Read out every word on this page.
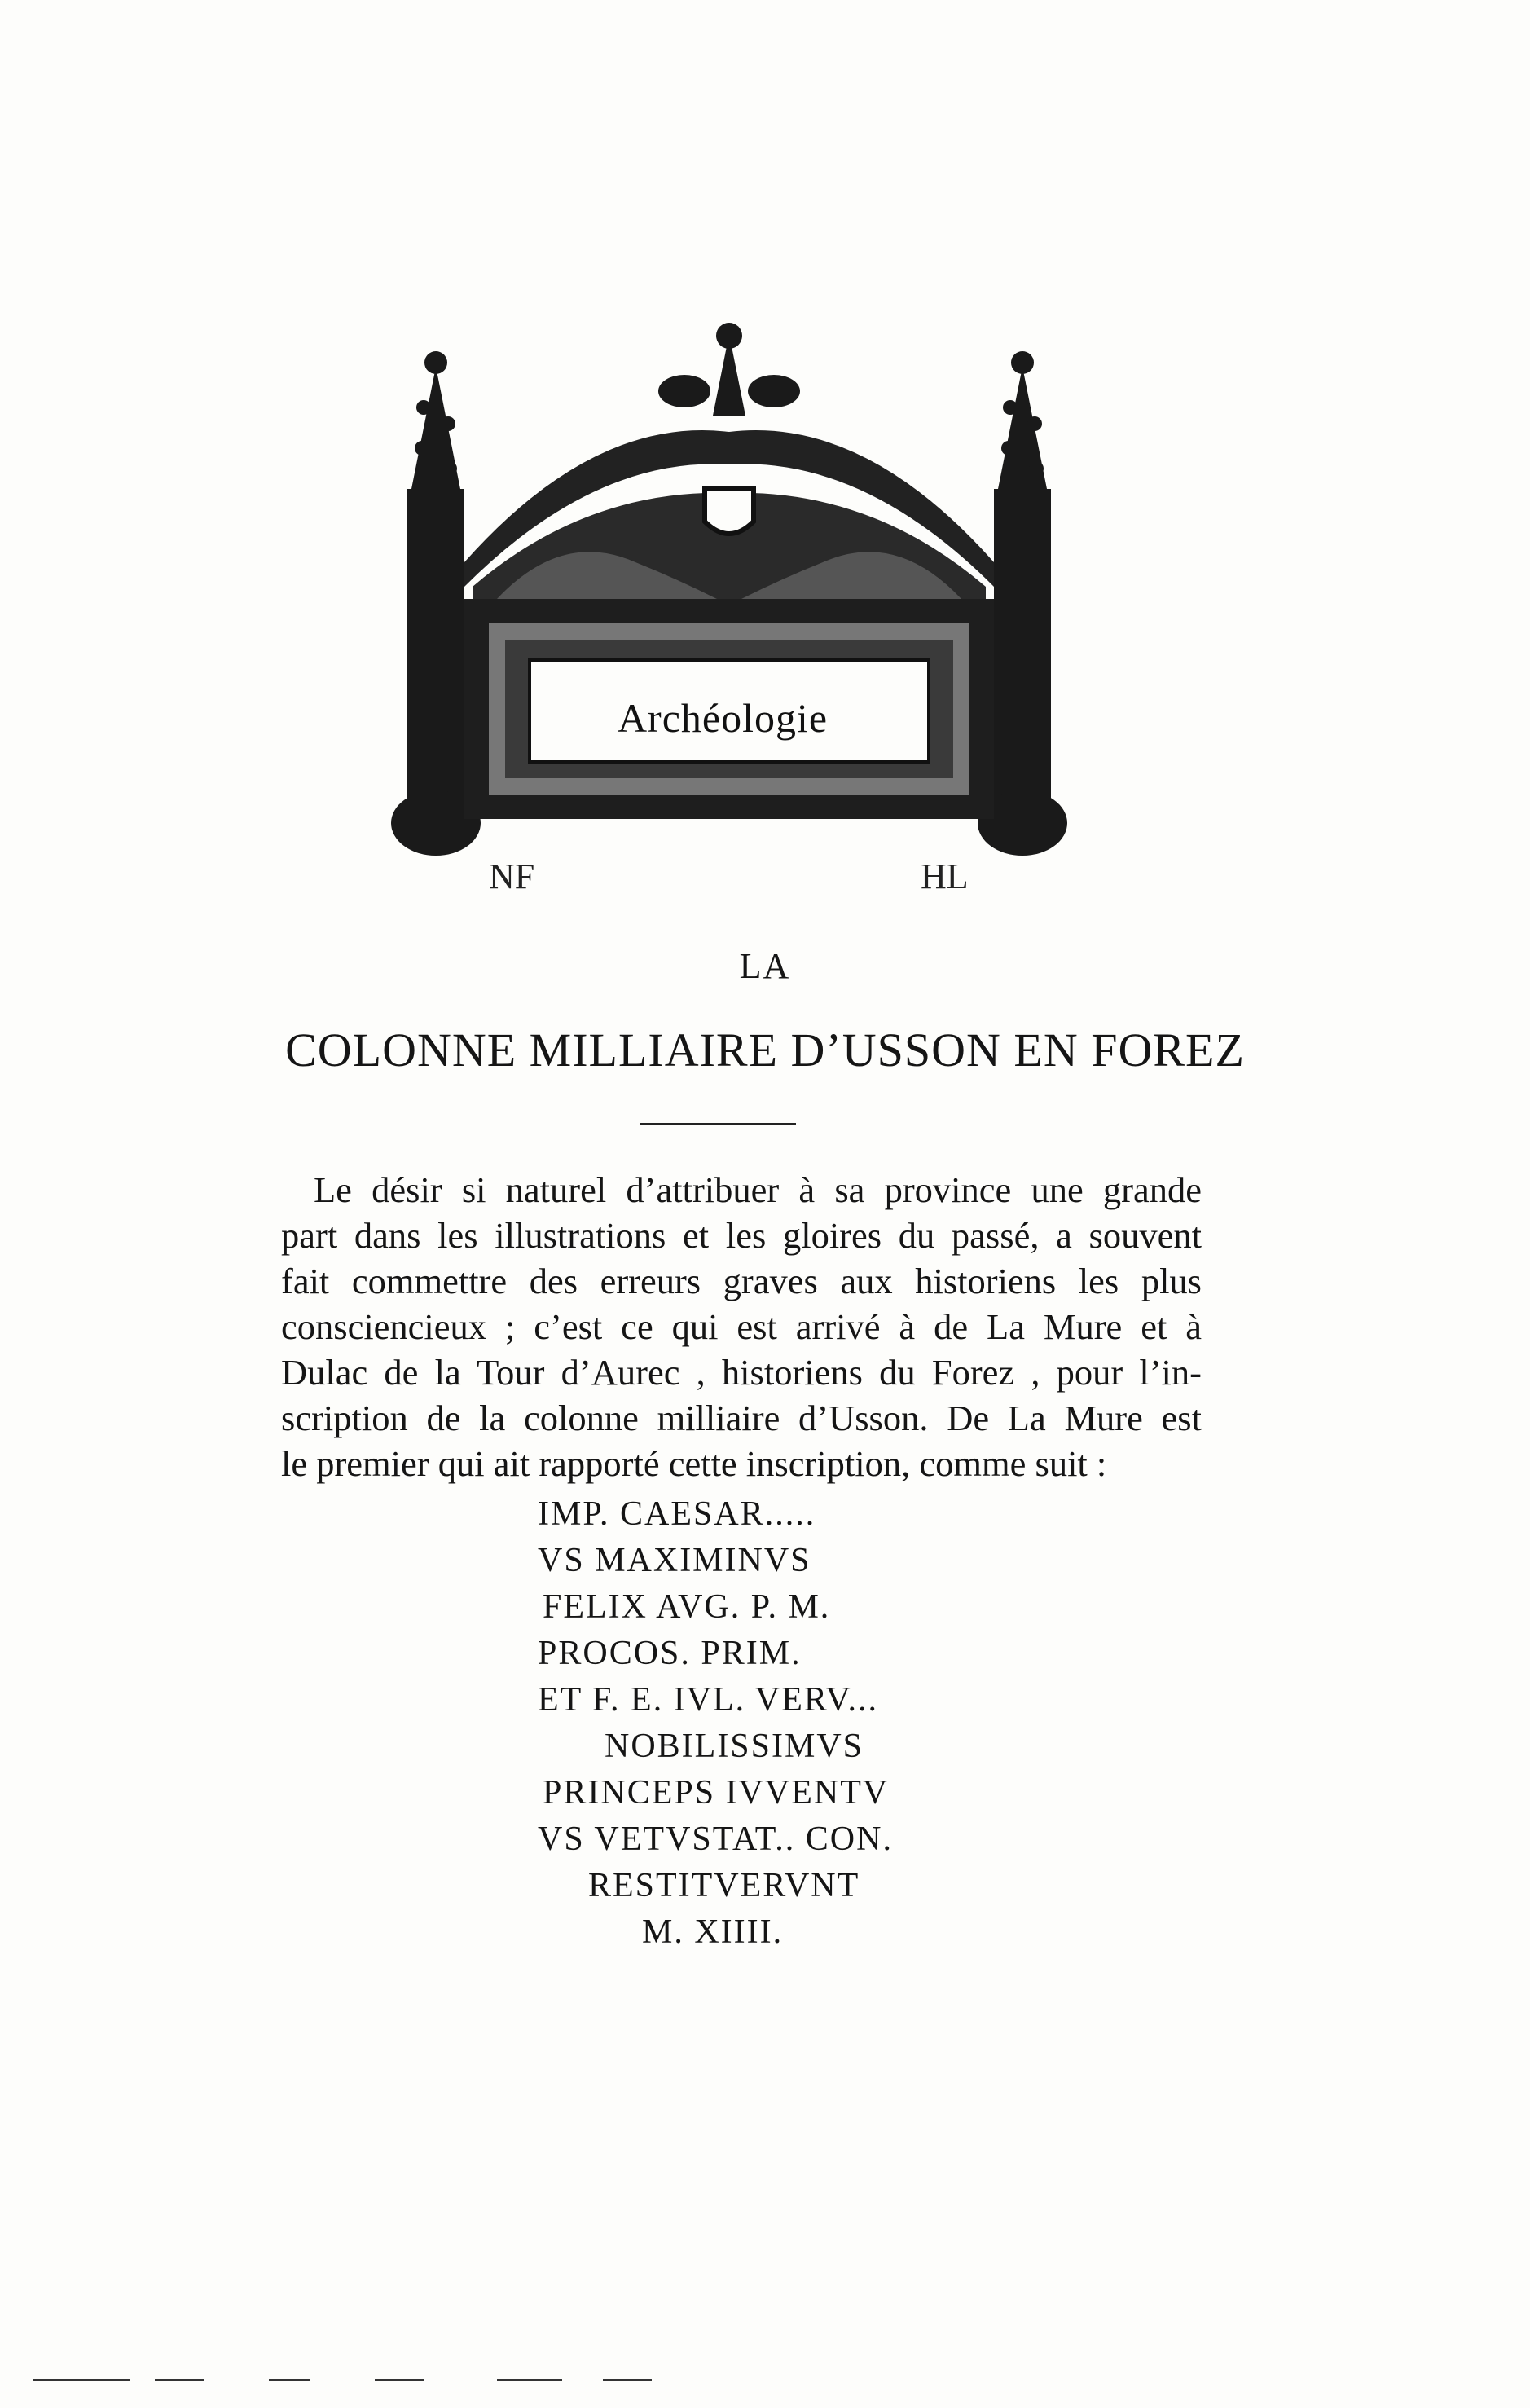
NF	HL
Archéologie
LA
COLONNE MILLIAIRE D’USSON EN FOREZ
Le désir si naturel d’attribuer à sa province une grande
part dans les illustrations et les gloires du passé, a souvent
fait commettre des erreurs graves aux historiens les plus
consciencieux ; c’est ce qui est arrivé à de La Mure et à
Dulac de la Tour d’Aurec , historiens du Forez , pour l’in-
scription de la colonne milliaire d’Usson. De La Mure est
le premier qui ait rapporté cette inscription, comme suit :
IMP. CAESAR.....
VS MAXIMINVS
FELIX AVG. P. M.
PROCOS. PRIM.
ET F. E. IVL. VERV...
NOBILISSIMVS
PRINCEPS IVVENTV
VS VETVSTAT.. CON.
RESTITVERVNT
M. XIIII.
